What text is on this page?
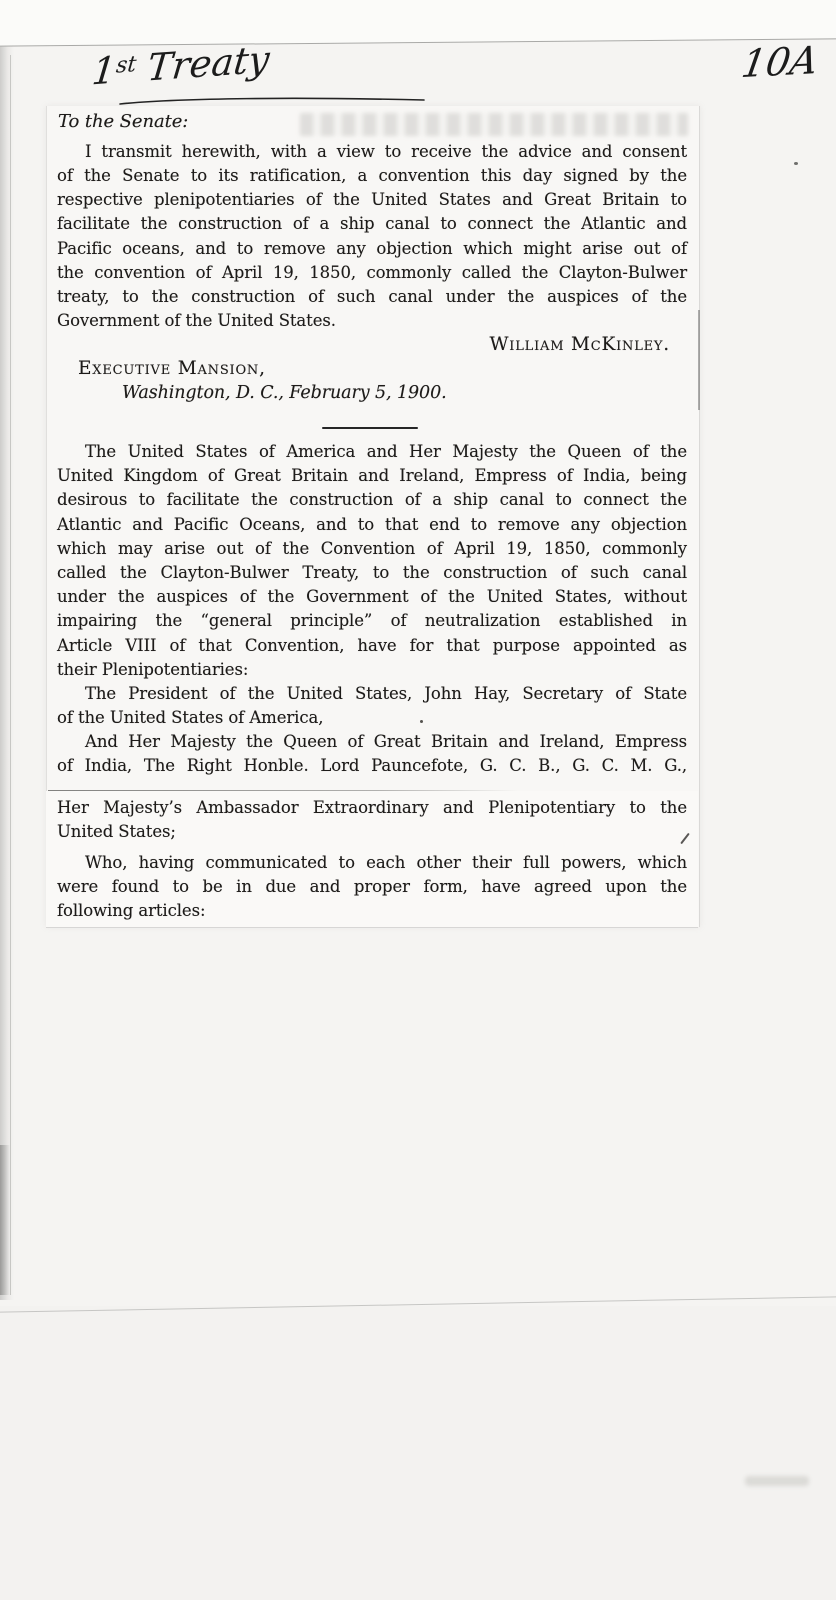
1st Treaty	10A
To the Senate:
I transmit herewith, with a view to receive the advice and consent
of the Senate to its ratification, a convention this day signed by the
respective plenipotentiaries of the United States and Great Britain to
facilitate the construction of a ship canal to connect the Atlantic and
Pacific oceans, and to remove any objection which might arise out of
the convention of April 19, 1850, commonly called the Clayton-Bulwer
treaty, to the construction of such canal under the auspices of the
Government of the United States.
William McKinley.
Executive Mansion,
Washington, D. C., February 5, 1900.
The United States of America and Her Majesty the Queen of the
United Kingdom of Great Britain and Ireland, Empress of India, being
desirous to facilitate the construction of a ship canal to connect the
Atlantic and Pacific Oceans, and to that end to remove any objection
which may arise out of the Convention of April 19, 1850, commonly
called the Clayton-Bulwer Treaty, to the construction of such canal
under the auspices of the Government of the United States, without
impairing the “general principle” of neutralization established in
Article VIII of that Convention, have for that purpose appointed as
their Plenipotentiaries:
The President of the United States, John Hay, Secretary of State
of the United States of America,
And Her Majesty the Queen of Great Britain and Ireland, Empress
of India, The Right Honble. Lord Pauncefote, G. C. B., G. C. M. G.,
Her Majesty’s Ambassador Extraordinary and Plenipotentiary to the
United States;
Who, having communicated to each other their full powers, which
were found to be in due and proper form, have agreed upon the
following articles:
